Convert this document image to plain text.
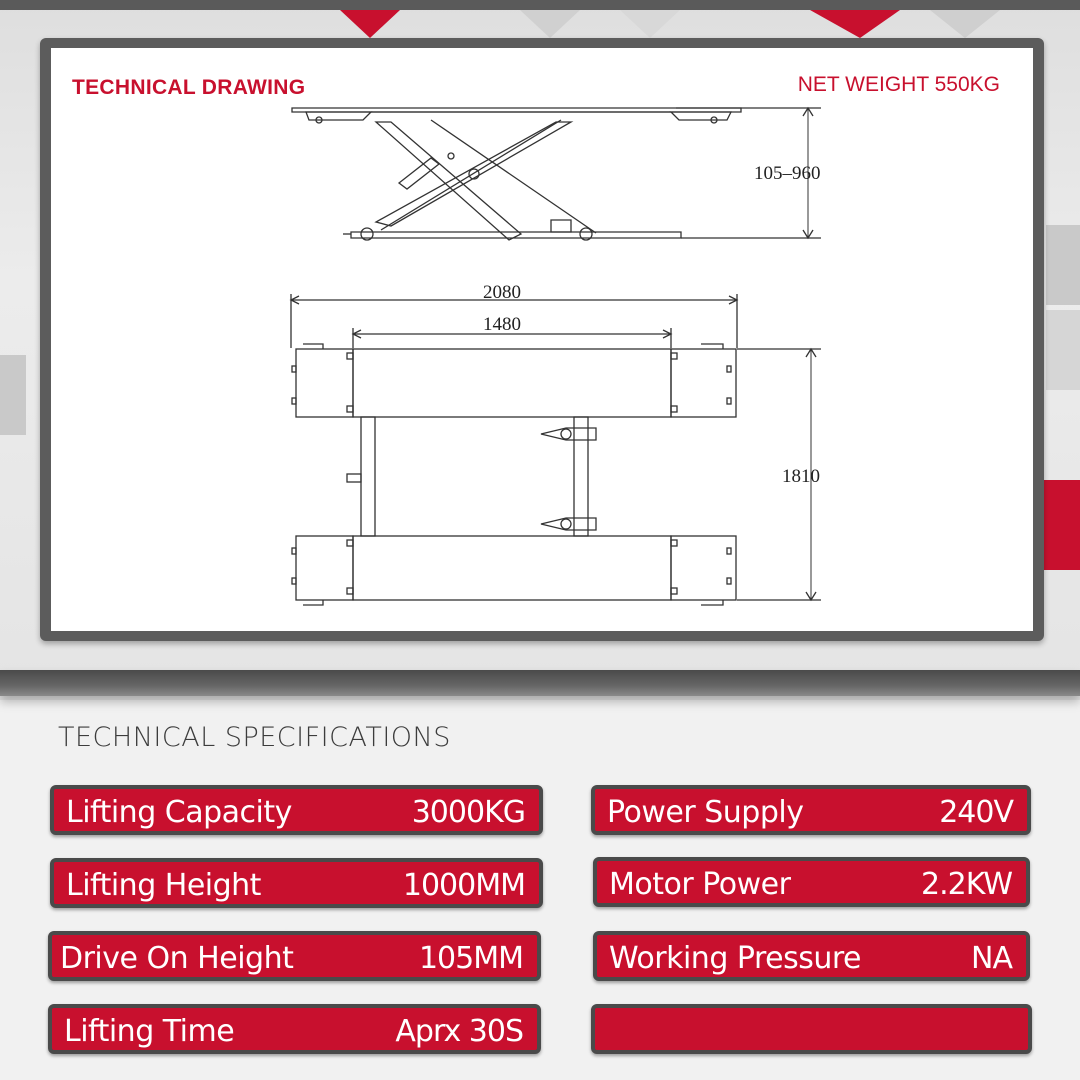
TECHNICAL DRAWING	NET WEIGHT 550KG
105–960
2080
1480
1810
TECHNICAL SPECIFICATIONS
Lifting Capacity	3000KG
Lifting Height	1000MM
Drive On Height	105MM
Lifting Time	Aprx 30S
Power Supply	240V
Motor Power	2.2KW
Working Pressure	NA
